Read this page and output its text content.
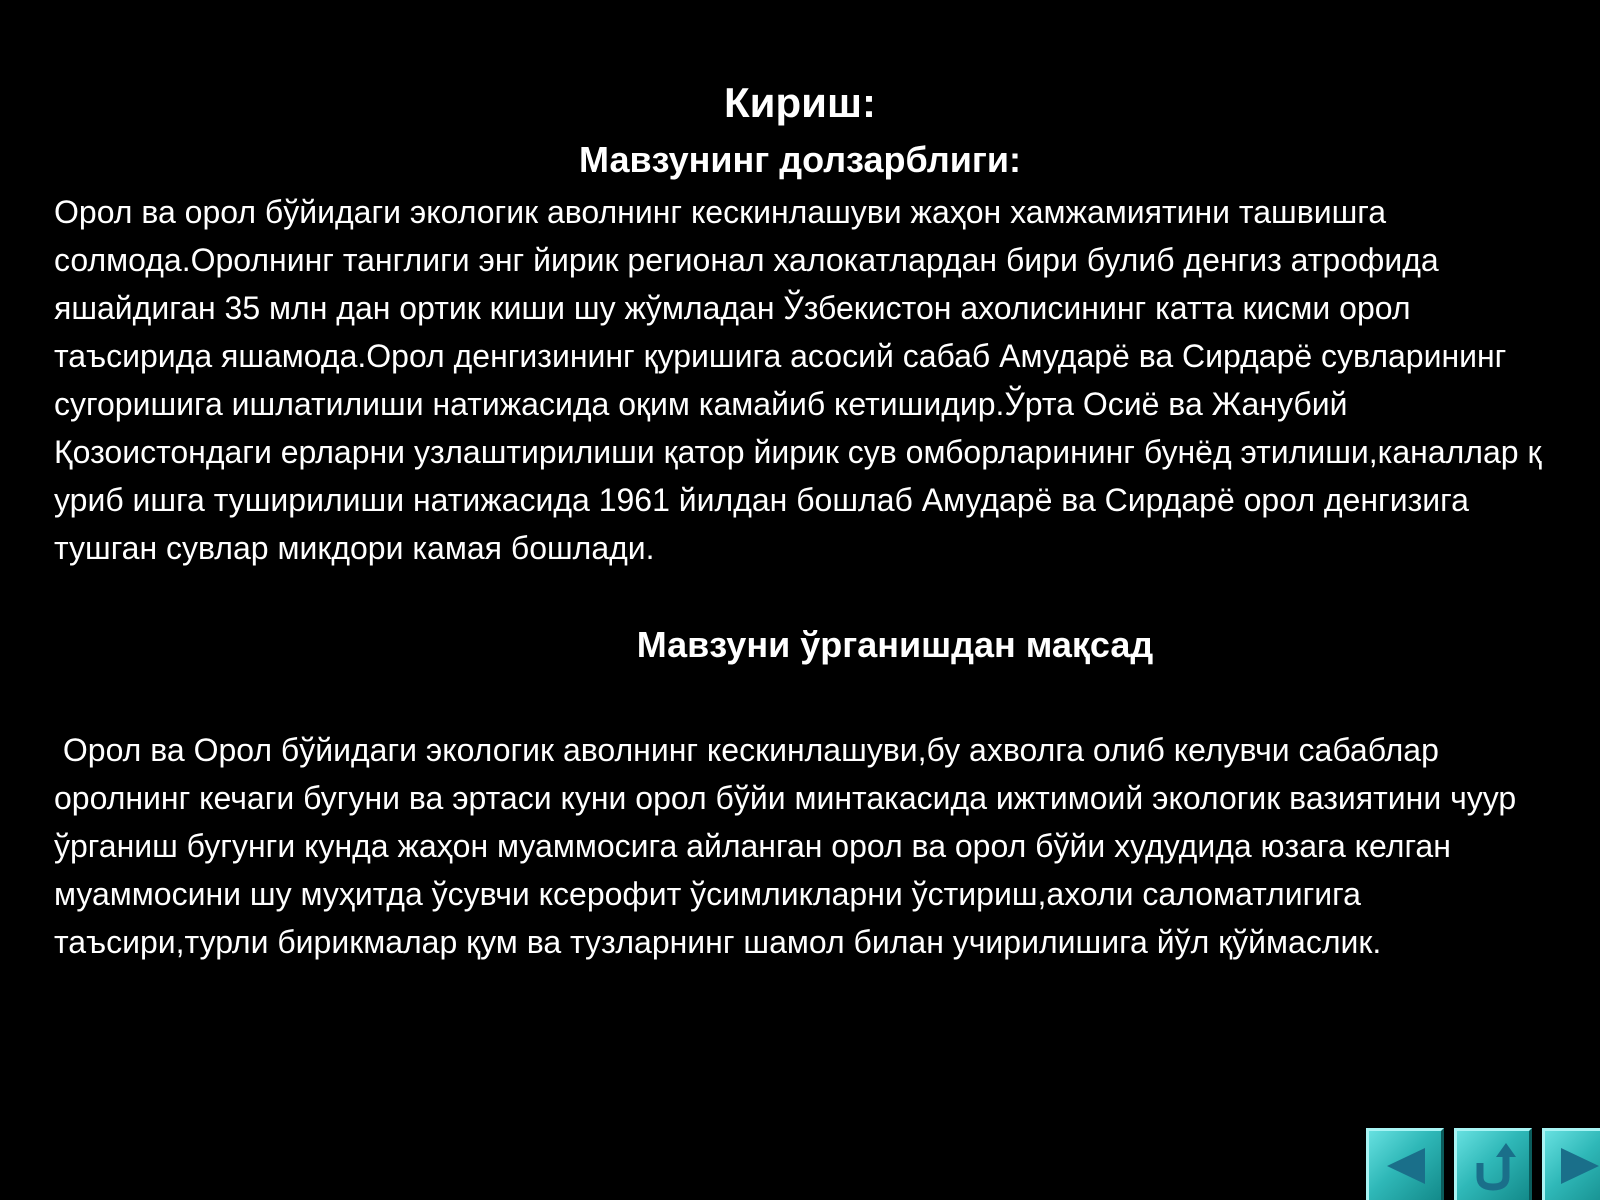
Кириш:
Мавзунинг долзарблиги:

Орол ва орол бўйидаги экологик аволнинг кескинлашуви жаҳон хамжамиятини ташвишга солмода.Оролнинг танглиги энг йирик регионал халокатлардан бири булиб денгиз атрофида яшайдиган 35 млн дан ортик киши шу жўмладан Ўзбекистон ахолисининг катта кисми орол таъсирида яшамода.Орол денгизининг қуришига асосий сабаб Амударё ва Сирдарё сувларининг сугоришига ишлатилиши натижасида оқим камайиб кетишидир.Ўрта Осиё ва Жанубий Қозоистондаги ерларни узлаштирилиши қатор йирик сув омборларининг бунёд этилиши,каналлар қ уриб ишга туширилиши натижасида 1961 йилдан бошлаб Амударё ва Сирдарё орол денгизига тушган сувлар микдори камая бошлади.

Мавзуни ўрганишдан мақсад

Орол ва Орол бўйидаги экологик аволнинг кескинлашуви,бу ахволга олиб келувчи сабаблар оролнинг кечаги бугуни ва эртаси куни орол бўйи минтакасида ижтимоий экологик вазиятини чуур ўрганиш бугунги кунда жаҳон муаммосига айланган орол ва орол бўйи худудида юзага келган муаммосини шу муҳитда ўсувчи ксерофит ўсимликларни ўстириш,ахоли саломатлигига таъсири,турли бирикмалар қум ва тузларнинг шамол билан учирилишига йўл қўймаслик.
